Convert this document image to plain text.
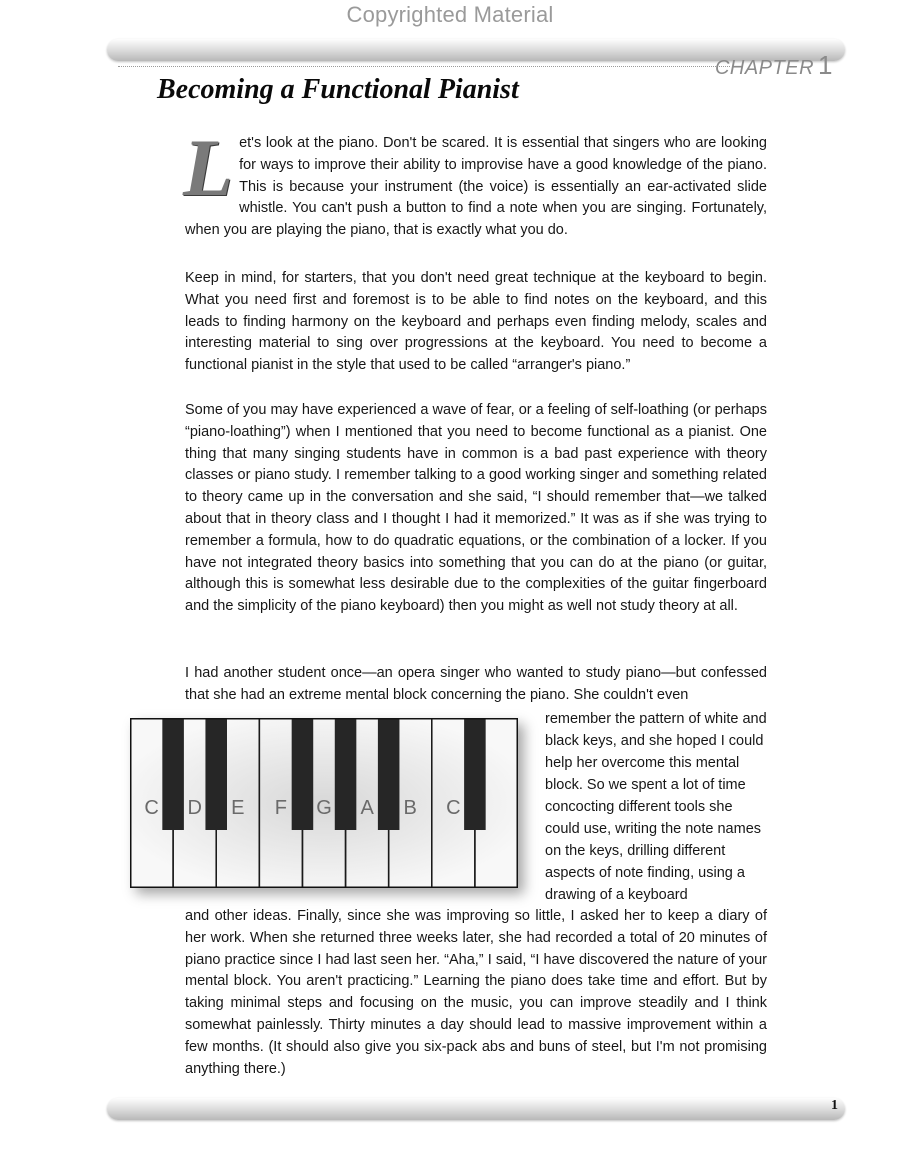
Copyrighted Material
CHAPTER 1
Becoming a Functional Pianist

Let's look at the piano. Don't be scared. It is essential that singers who are looking for ways to improve their ability to improvise have a good knowledge of the piano. This is because your instrument (the voice) is essentially an ear-activated slide whistle. You can't push a button to find a note when you are singing. Fortunately, when you are playing the piano, that is exactly what you do.

Keep in mind, for starters, that you don't need great technique at the keyboard to begin. What you need first and foremost is to be able to find notes on the keyboard, and this leads to finding harmony on the keyboard and perhaps even finding melody, scales and interesting material to sing over progressions at the keyboard. You need to become a functional pianist in the style that used to be called “arranger's piano.”

Some of you may have experienced a wave of fear, or a feeling of self-loathing (or perhaps “piano-loathing”) when I mentioned that you need to become functional as a pianist. One thing that many singing students have in common is a bad past experience with theory classes or piano study. I remember talking to a good working singer and something related to theory came up in the conversation and she said, “I should remember that—we talked about that in theory class and I thought I had it memorized.” It was as if she was trying to remember a formula, how to do quadratic equations, or the combination of a locker. If you have not integrated theory basics into something that you can do at the piano (or guitar, although this is somewhat less desirable due to the complexities of the guitar fingerboard and the simplicity of the piano keyboard) then you might as well not study theory at all.

I had another student once—an opera singer who wanted to study piano—but confessed that she had an extreme mental block concerning the piano. She couldn't even

C D E F G A B C

remember the pattern of white and black keys, and she hoped I could help her overcome this mental block. So we spent a lot of time concocting different tools she could use, writing the note names on the keys, drilling different aspects of note finding, using a drawing of a keyboard

and other ideas. Finally, since she was improving so little, I asked her to keep a diary of her work. When she returned three weeks later, she had recorded a total of 20 minutes of piano practice since I had last seen her. “Aha,” I said, “I have discovered the nature of your mental block. You aren't practicing.” Learning the piano does take time and effort. But by taking minimal steps and focusing on the music, you can improve steadily and I think somewhat painlessly. Thirty minutes a day should lead to massive improvement within a few months. (It should also give you six-pack abs and buns of steel, but I'm not promising anything there.)

1
